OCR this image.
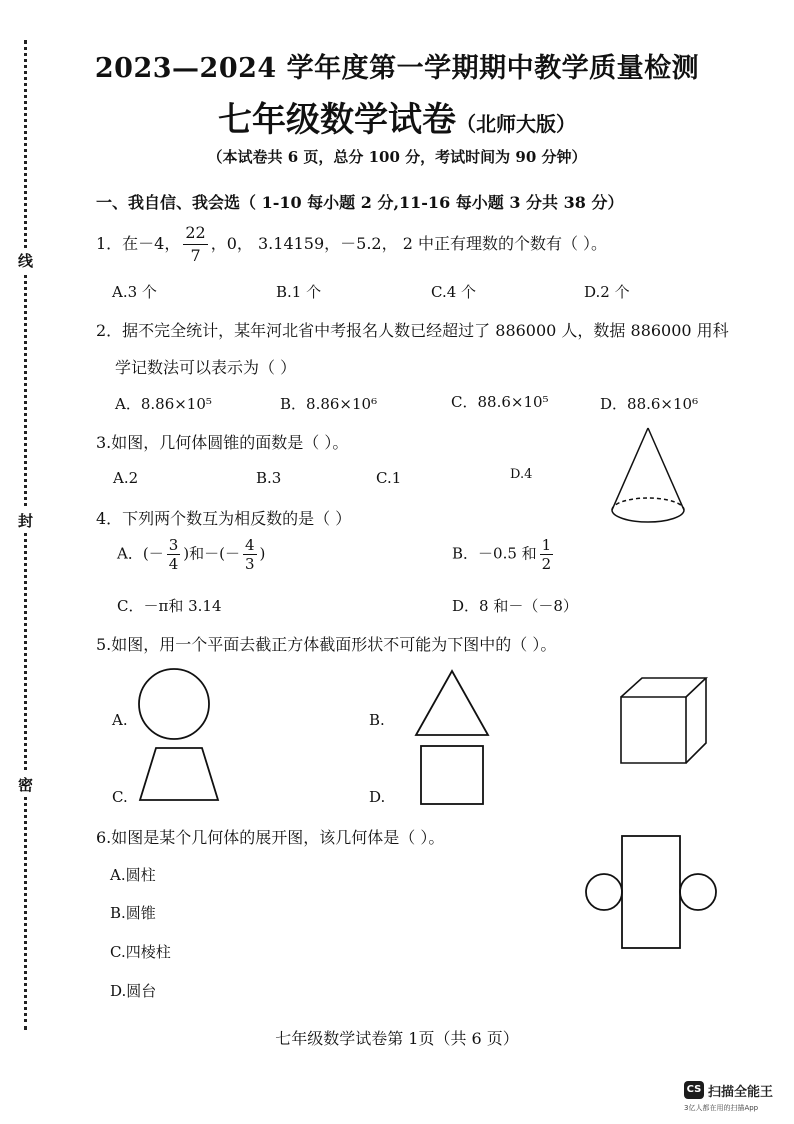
线
封
密
2023—2024 学年度第一学期期中教学质量检测
七年级数学试卷（北师大版）
（本试卷共 6 页，总分 100 分，考试时间为 90 分钟）
一、我自信、我会选（ 1-10 每小题 2 分,11-16 每小题 3 分共 38 分）
1．在－4， $\frac{22}{7}$ ，0， 3.14159，－5.2， 2 中正有理数的个数有（ ）。
A.3 个	B.1 个	C.4 个	D.2 个
2．据不完全统计，某年河北省中考报名人数已经超过了 886000 人，数据 886000 用科
学记数法可以表示为（ ）
A．8.86×10⁵	B．8.86×10⁶	C．88.6×10⁵	D．88.6×10⁶
3.如图，几何体圆锥的面数是（ ）。
A.2	B.3	C.1	D.4
4．下列两个数互为相反数的是（ ）
A．(－ $\frac{3}{4}$ )和－(－ $\frac{4}{3}$ )	B．－0.5 和 $\frac{1}{2}$
C．－π和 3.14	D．8 和－（－8）
5.如图，用一个平面去截正方体截面形状不可能为下图中的（ ）。
A.	B.
C.	D.
6.如图是某个几何体的展开图，该几何体是（ ）。
A.圆柱
B.圆锥
C.四棱柱
D.圆台
七年级数学试卷第 1页（共 6 页）
CS 扫描全能王
3亿人都在用的扫描App
